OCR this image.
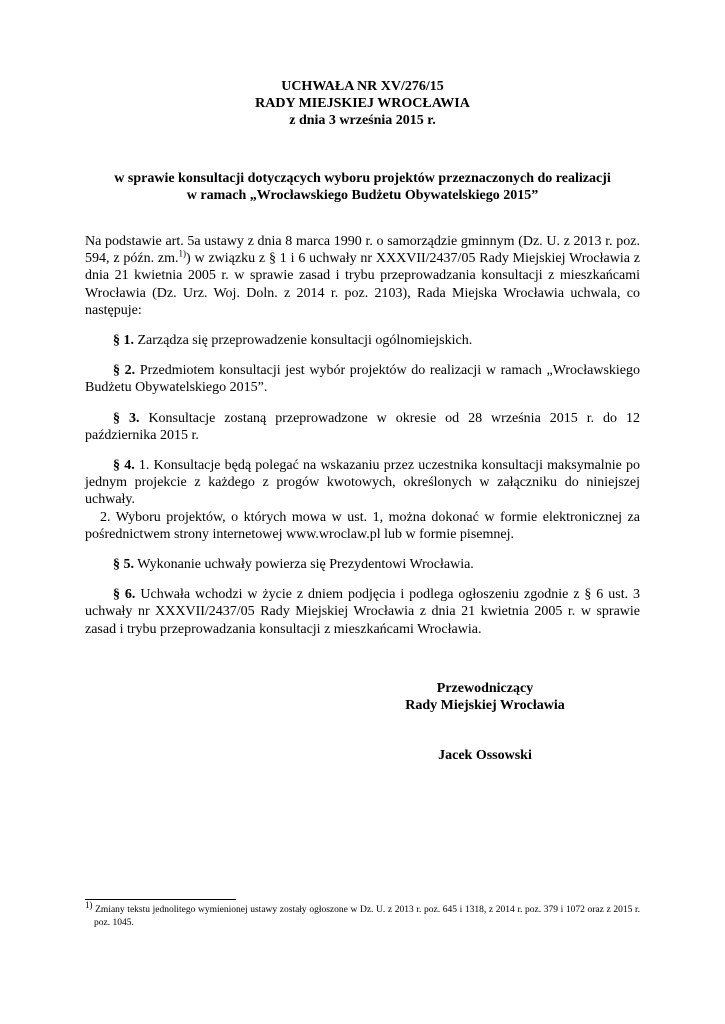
UCHWAŁA NR XV/276/15
RADY MIEJSKIEJ WROCŁAWIA
z dnia 3 września 2015 r.
w sprawie konsultacji dotyczących wyboru projektów przeznaczonych do realizacji
w ramach „Wrocławskiego Budżetu Obywatelskiego 2015”

Na podstawie art. 5a ustawy z dnia 8 marca 1990 r. o samorządzie gminnym (Dz. U. z 2013 r. poz. 594, z późn. zm.$^{1)}$) w związku z § 1 i 6 uchwały nr XXXVII/2437/05 Rady Miejskiej Wrocławia z dnia 21 kwietnia 2005 r. w sprawie zasad i trybu przeprowadzania konsultacji z mieszkańcami Wrocławia (Dz. Urz. Woj. Doln. z 2014 r. poz. 2103), Rada Miejska Wrocławia uchwala, co następuje:

§ 1. Zarządza się przeprowadzenie konsultacji ogólnomiejskich.

§ 2. Przedmiotem konsultacji jest wybór projektów do realizacji w ramach „Wrocławskiego Budżetu Obywatelskiego 2015”.

§ 3. Konsultacje zostaną przeprowadzone w okresie od 28 września 2015 r. do 12 października 2015 r.

§ 4. 1. Konsultacje będą polegać na wskazaniu przez uczestnika konsultacji maksymalnie po jednym projekcie z każdego z progów kwotowych, określonych w załączniku do niniejszej uchwały.

2. Wyboru projektów, o których mowa w ust. 1, można dokonać w formie elektronicznej za pośrednictwem strony internetowej www.wroclaw.pl lub w formie pisemnej.

§ 5. Wykonanie uchwały powierza się Prezydentowi Wrocławia.

§ 6. Uchwała wchodzi w życie z dniem podjęcia i podlega ogłoszeniu zgodnie z § 6 ust. 3 uchwały nr XXXVII/2437/05 Rady Miejskiej Wrocławia z dnia 21 kwietnia 2005 r. w sprawie zasad i trybu przeprowadzania konsultacji z mieszkańcami Wrocławia.

Przewodniczący
Rady Miejskiej Wrocławia
Jacek Ossowski

$^{1)}$ Zmiany tekstu jednolitego wymienionej ustawy zostały ogłoszone w Dz. U. z 2013 r. poz. 645 i 1318, z 2014 r. poz. 379 i 1072 oraz z 2015 r. poz. 1045.
